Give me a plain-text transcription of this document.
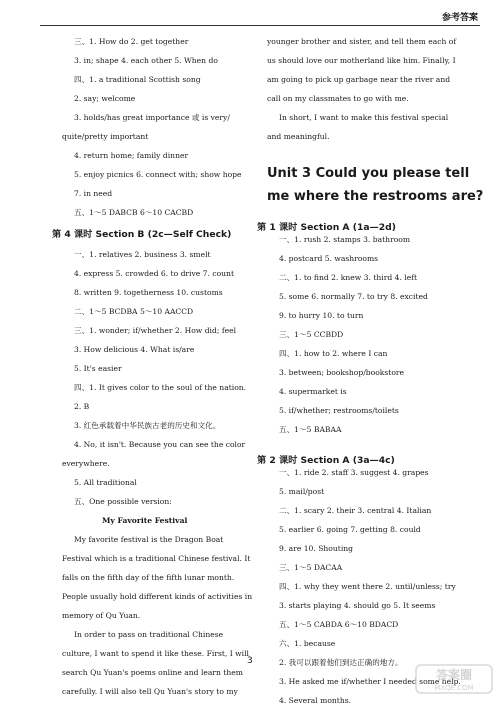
参考答案
三、1. How do 2. get together
3. in; shape 4. each other 5. When do
四、1. a traditional Scottish song
2. say; welcome
3. holds/has great importance 或 is very/
quite/pretty important
4. return home; family dinner
5. enjoy picnics 6. connect with; show hope
7. in need
五、1～5 DABCB 6～10 CACBD
第 4 课时 Section B (2c—Self Check)
一、1. relatives 2. business 3. smelt
4. express 5. crowded 6. to drive 7. count
8. written 9. togetherness 10. customs
二、1～5 BCDBA 5～10 AACCD
三、1. wonder; if/whether 2. How did; feel
3. How delicious 4. What is/are
5. It's easier
四、1. It gives color to the soul of the nation.
2. B
3. 红色承载着中华民族古老的历史和文化。
4. No, it isn't. Because you can see the color
everywhere.
5. All traditional
五、One possible version:
My Favorite Festival
My favorite festival is the Dragon Boat
Festival which is a traditional Chinese festival. It
falls on the fifth day of the fifth lunar month.
People usually hold different kinds of activities in
memory of Qu Yuan.
In order to pass on traditional Chinese
culture, I want to spend it like these. First, I will
search Qu Yuan's poems online and learn them
carefully. I will also tell Qu Yuan's story to my
younger brother and sister, and tell them each of
us should love our motherland like him. Finally, I
am going to pick up garbage near the river and
call on my classmates to go with me.
In short, I want to make this festival special
and meaningful.
一、1. rush 2. stamps 3. bathroom
4. postcard 5. washrooms
二、1. to find 2. knew 3. third 4. left
5. some 6. normally 7. to try 8. excited
9. to hurry 10. to turn
三、1～5 CCBDD
四、1. how to 2. where I can
3. between; bookshop/bookstore
4. supermarket is
5. if/whether; restrooms/toilets
五、1～5 BABAA
一、1. ride 2. staff 3. suggest 4. grapes
5. mail/post
二、1. scary 2. their 3. central 4. Italian
5. earlier 6. going 7. getting 8. could
9. are 10. Shouting
三、1～5 DACAA
四、1. why they went there 2. until/unless; try
3. starts playing 4. should go 5. It seems
五、1～5 CABDA 6～10 BDACD
六、1. because
2. 我可以跟着他们到达正确的地方。
3. He asked me if/whether I needed some help.
4. Several months.
Unit 3 Could you please tell
me where the restrooms are?
第 1 课时 Section A (1a—2d)
第 2 课时 Section A (3a—4c)
3
答案圈
MXQE.COM
